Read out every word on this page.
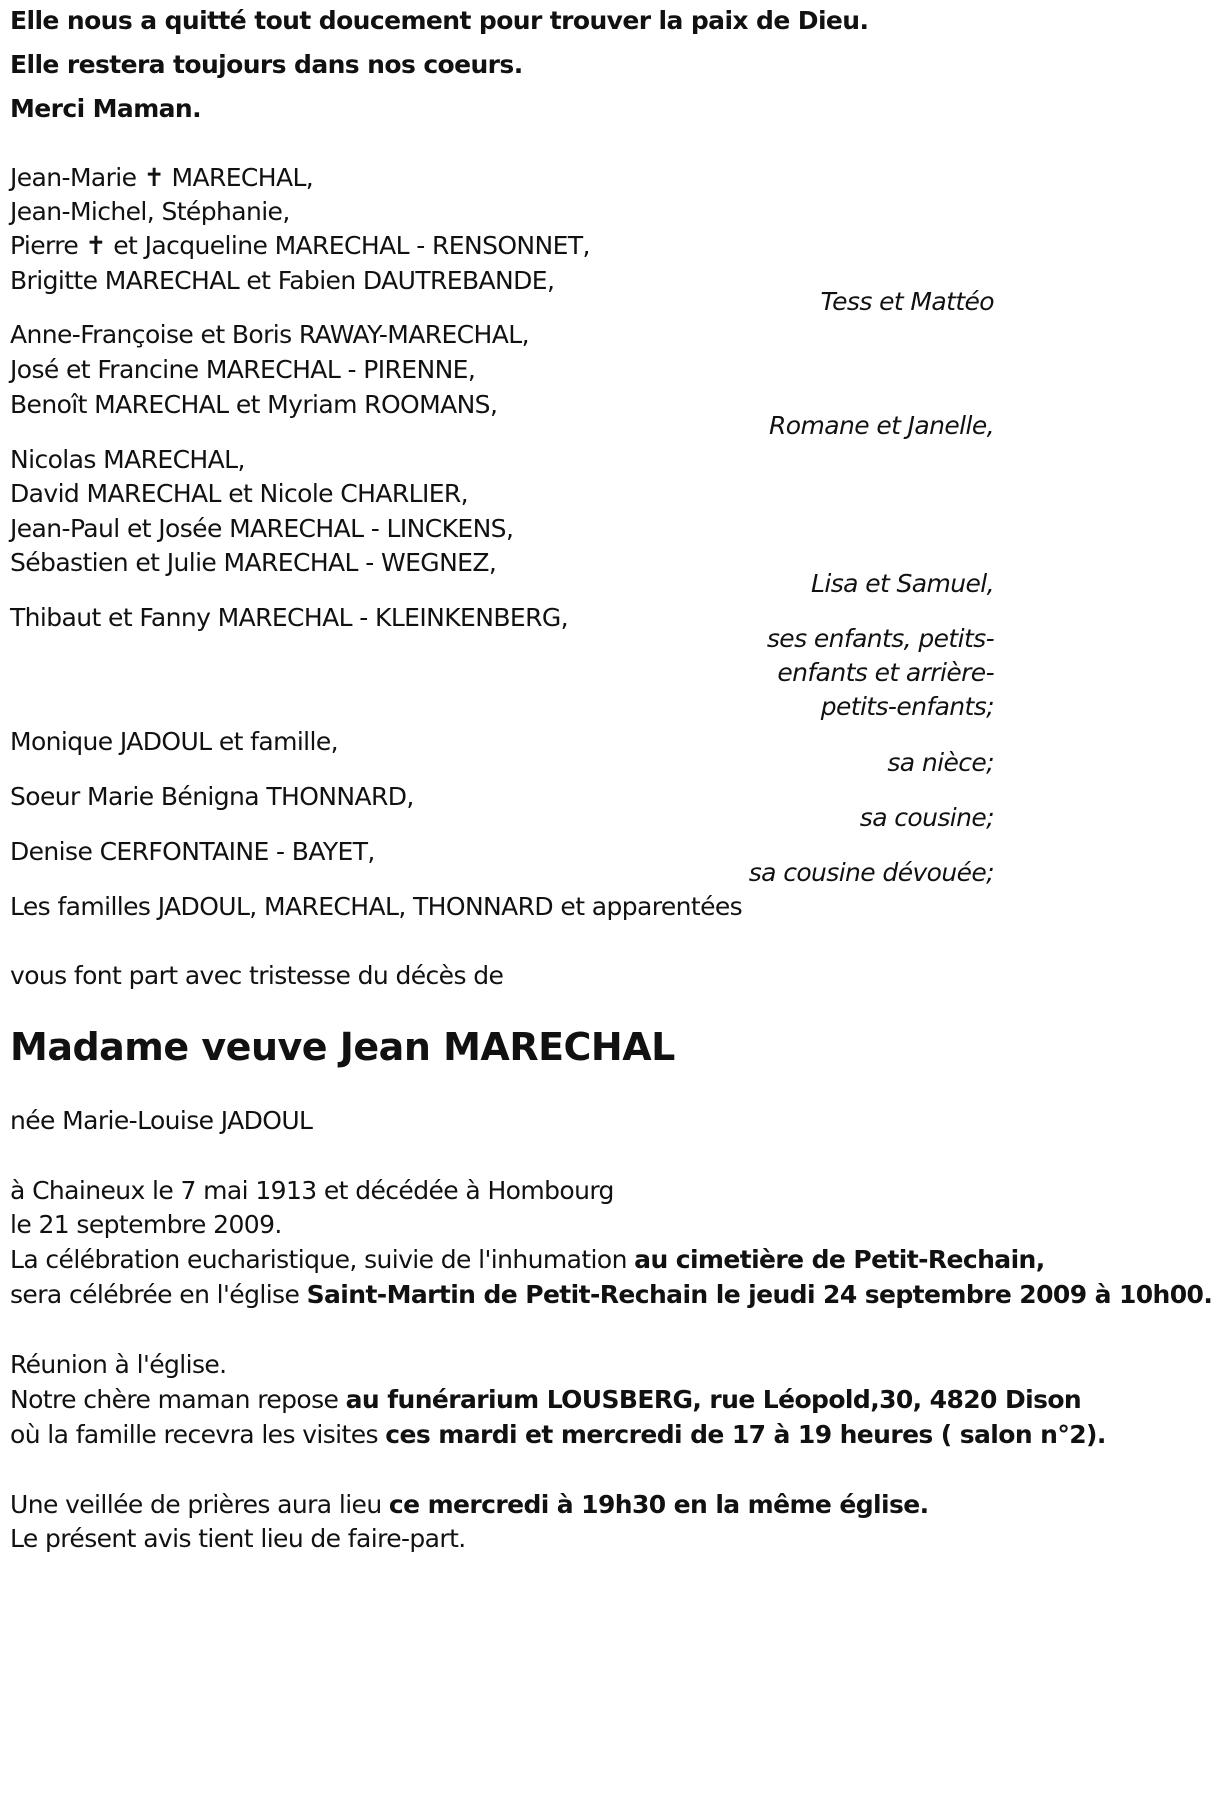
Elle nous a quitté tout doucement pour trouver la paix de Dieu.
Elle restera toujours dans nos coeurs.
Merci Maman.
Jean-Marie ✝ MARECHAL,
Jean-Michel, Stéphanie,
Pierre ✝ et Jacqueline MARECHAL - RENSONNET,
Brigitte MARECHAL et Fabien DAUTREBANDE,
Tess et Mattéo
Anne-Françoise et Boris RAWAY-MARECHAL,
José et Francine MARECHAL - PIRENNE,
Benoît MARECHAL et Myriam ROOMANS,
Romane et Janelle,
Nicolas MARECHAL,
David MARECHAL et Nicole CHARLIER,
Jean-Paul et Josée MARECHAL - LINCKENS,
Sébastien et Julie MARECHAL - WEGNEZ,
Lisa et Samuel,
Thibaut et Fanny MARECHAL - KLEINKENBERG,
ses enfants, petits-
enfants et arrière-
petits-enfants;
Monique JADOUL et famille,
sa nièce;
Soeur Marie Bénigna THONNARD,
sa cousine;
Denise CERFONTAINE - BAYET,
sa cousine dévouée;
Les familles JADOUL, MARECHAL, THONNARD et apparentées
vous font part avec tristesse du décès de
Madame veuve Jean MARECHAL
née Marie-Louise JADOUL
à Chaineux le 7 mai 1913 et décédée à Hombourg
le 21 septembre 2009.
La célébration eucharistique, suivie de l'inhumation au cimetière de Petit-Rechain,
sera célébrée en l'église Saint-Martin de Petit-Rechain le jeudi 24 septembre 2009 à 10h00.
Réunion à l'église.
Notre chère maman repose au funérarium LOUSBERG, rue Léopold,30, 4820 Dison
où la famille recevra les visites ces mardi et mercredi de 17 à 19 heures ( salon n°2).
Une veillée de prières aura lieu ce mercredi à 19h30 en la même église.
Le présent avis tient lieu de faire-part.
